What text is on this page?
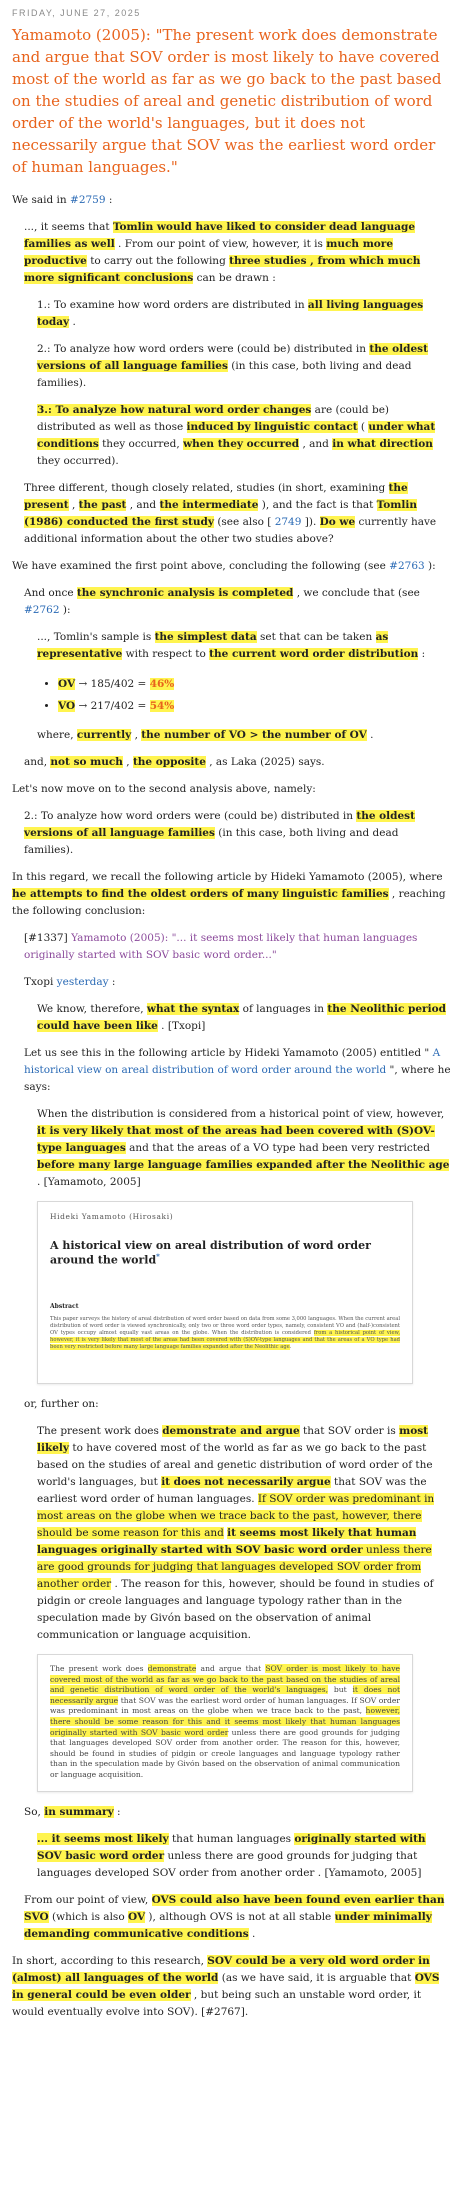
FRIDAY, JUNE 27, 2025
Yamamoto (2005): "The present work does demonstrate and argue that SOV order is most likely to have covered most of the world as far as we go back to the past based on the studies of areal and genetic distribution of word order of the world's languages, but it does not necessarily argue that SOV was the earliest word order of human languages."

We said in #2759 :

..., it seems that Tomlin would have liked to consider dead language families as well . From our point of view, however, it is much more productive to carry out the following three studies , from which much more significant conclusions can be drawn :

1.: To examine how word orders are distributed in all living languages today .

2.: To analyze how word orders were (could be) distributed in the oldest versions of all language families (in this case, both living and dead families).

3.: To analyze how natural word order changes are (could be) distributed as well as those induced by linguistic contact ( under what conditions they occurred, when they occurred , and in what direction they occurred).

Three different, though closely related, studies (in short, examining the present , the past , and the intermediate ), and the fact is that Tomlin (1986) conducted the first study (see also [ 2749 ]). Do we currently have additional information about the other two studies above?

We have examined the first point above, concluding the following (see #2763 ):

And once the synchronic analysis is completed , we conclude that (see #2762 ):

..., Tomlin's sample is the simplest data set that can be taken as representative with respect to the current word order distribution :

• OV → 185/402 = 46%
• VO → 217/402 = 54%

where, currently , the number of VO > the number of OV .

and, not so much , the opposite , as Laka (2025) says.

Let's now move on to the second analysis above, namely:

2.: To analyze how word orders were (could be) distributed in the oldest versions of all language families (in this case, both living and dead families).

In this regard, we recall the following article by Hideki Yamamoto (2005), where he attempts to find the oldest orders of many linguistic families , reaching the following conclusion:

[#1337] Yamamoto (2005): "... it seems most likely that human languages originally started with SOV basic word order..."

Txopi yesterday :

We know, therefore, what the syntax of languages in the Neolithic period could have been like . [Txopi]

Let us see this in the following article by Hideki Yamamoto (2005) entitled " A historical view on areal distribution of word order around the world ", where he says:

When the distribution is considered from a historical point of view, however, it is very likely that most of the areas had been covered with (S)OV-type languages and that the areas of a VO type had been very restricted before many large language families expanded after the Neolithic age . [Yamamoto, 2005]

Hideki Yamamoto (Hirosaki)
A historical view on areal distribution of word order around the world*
Abstract
This paper surveys the history of areal distribution of word order based on data from some 3,000 languages. When the current areal distribution of word order is viewed synchronically, only two or three word order types, namely, consistent VO and (half-)consistent OV types occupy almost equally vast areas on the globe. When the distribution is considered from a historical point of view, however, it is very likely that most of the areas had been covered with (S)OV-type languages and that the areas of a VO type had been very restricted before many large language families expanded after the Neolithic age.

or, further on:

The present work does demonstrate and argue that SOV order is most likely to have covered most of the world as far as we go back to the past based on the studies of areal and genetic distribution of word order of the world's languages, but it does not necessarily argue that SOV was the earliest word order of human languages. If SOV order was predominant in most areas on the globe when we trace back to the past, however, there should be some reason for this and it seems most likely that human languages originally started with SOV basic word order unless there are good grounds for judging that languages developed SOV order from another order . The reason for this, however, should be found in studies of pidgin or creole languages and language typology rather than in the speculation made by Givón based on the observation of animal communication or language acquisition.

The present work does demonstrate and argue that SOV order is most likely to have covered most of the world as far as we go back to the past based on the studies of areal and genetic distribution of word order of the world's languages, but it does not necessarily argue that SOV was the earliest word order of human languages. If SOV order was predominant in most areas on the globe when we trace back to the past, however, there should be some reason for this and it seems most likely that human languages originally started with SOV basic word order unless there are good grounds for judging that languages developed SOV order from another order. The reason for this, however, should be found in studies of pidgin or creole languages and language typology rather than in the speculation made by Givón based on the observation of animal communication or language acquisition.

So, in summary :

... it seems most likely that human languages originally started with SOV basic word order unless there are good grounds for judging that languages developed SOV order from another order . [Yamamoto, 2005]

From our point of view, OVS could also have been found even earlier than SVO (which is also OV ), although OVS is not at all stable under minimally demanding communicative conditions .

In short, according to this research, SOV could be a very old word order in (almost) all languages of the world (as we have said, it is arguable that OVS in general could be even older , but being such an unstable word order, it would eventually evolve into SOV). [#2767].
